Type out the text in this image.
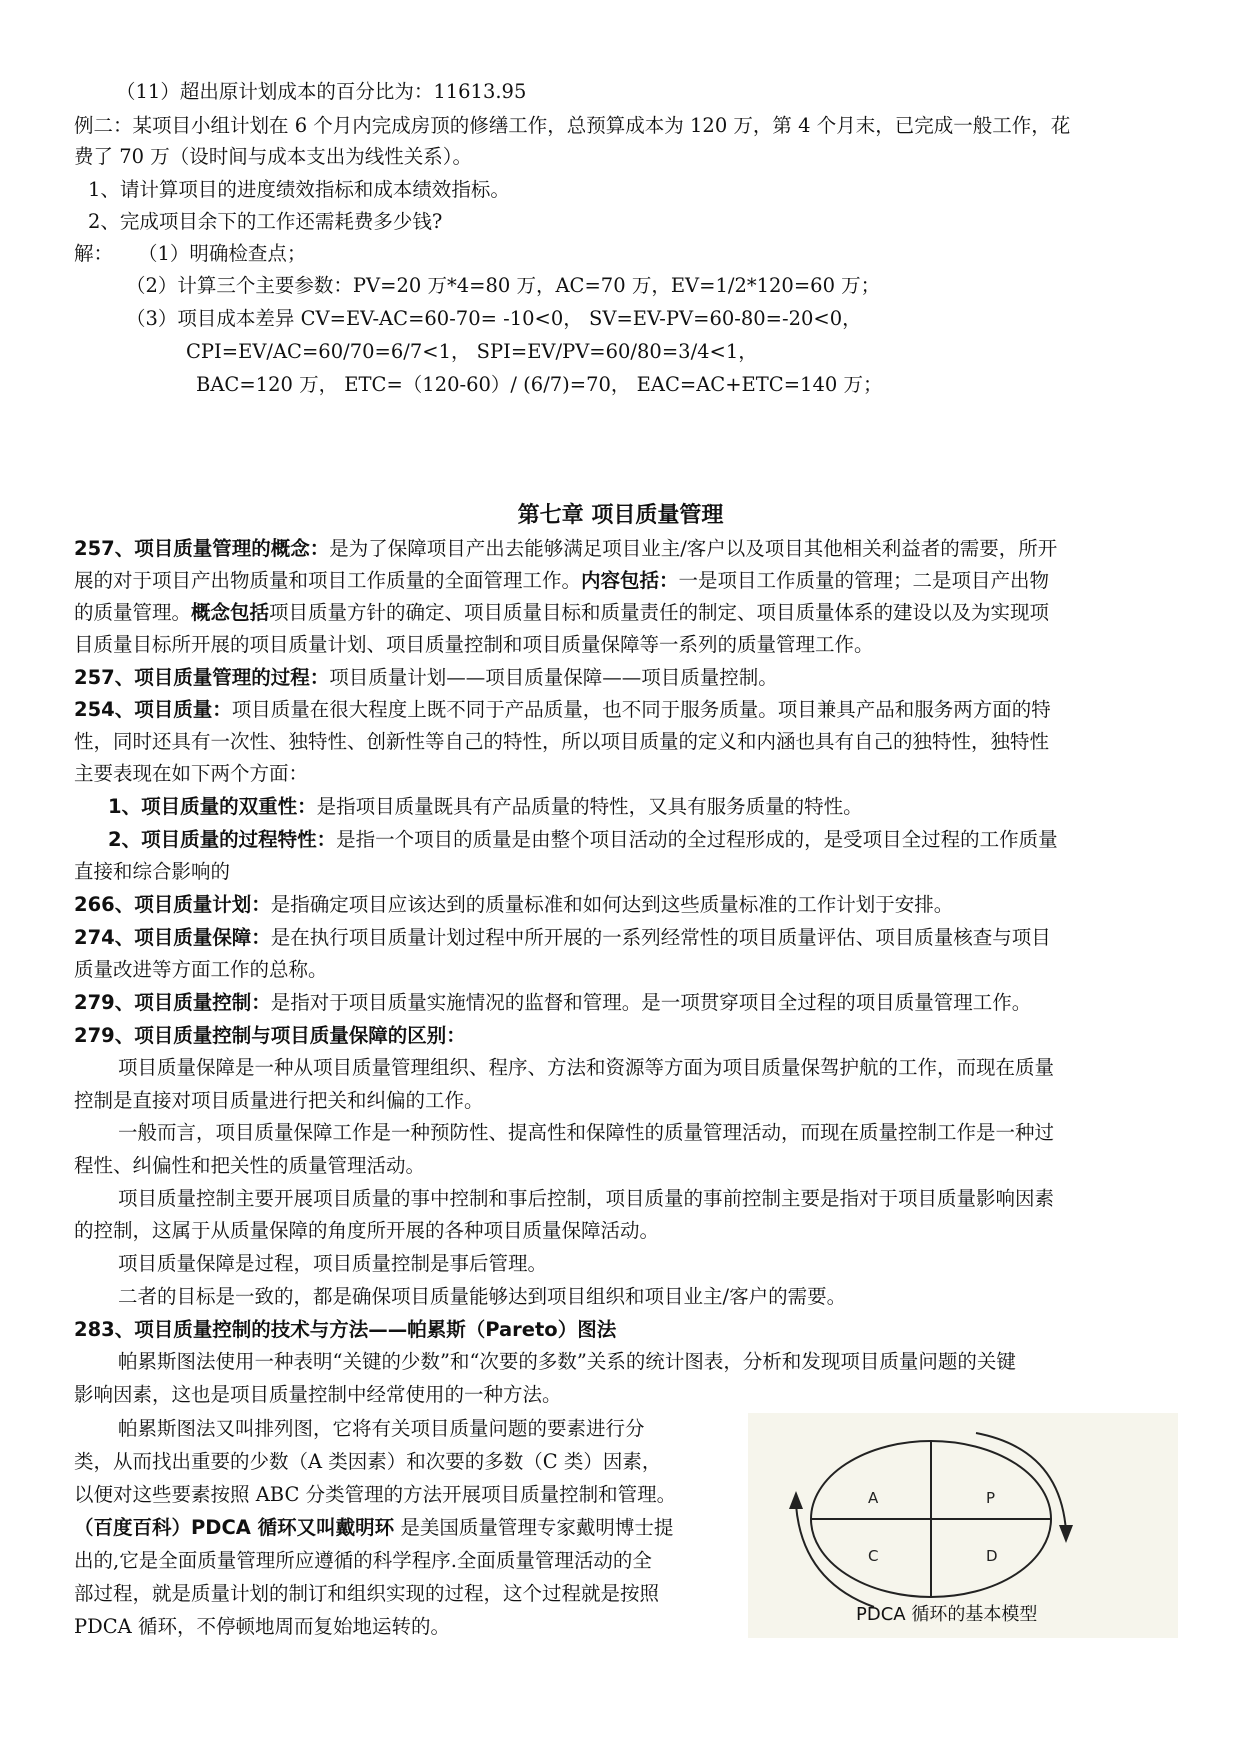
（11）超出原计划成本的百分比为：11613.95
例二：某项目小组计划在 6 个月内完成房顶的修缮工作，总预算成本为 120 万，第 4 个月末，已完成一般工作，花
费了 70 万（设时间与成本支出为线性关系）。
1、请计算项目的进度绩效指标和成本绩效指标。
2、完成项目余下的工作还需耗费多少钱?
解： （1）明确检查点；
（2）计算三个主要参数：PV=20 万*4=80 万，AC=70 万，EV=1/2*120=60 万；
（3）项目成本差异 CV=EV-AC=60-70= -10<0， SV=EV-PV=60-80=-20<0，
CPI=EV/AC=60/70=6/7<1， SPI=EV/PV=60/80=3/4<1，
BAC=120 万， ETC=（120-60）/ (6/7)=70， EAC=AC+ETC=140 万；
第七章 项目质量管理
257、项目质量管理的概念：是为了保障项目产出去能够满足项目业主/客户以及项目其他相关利益者的需要，所开
展的对于项目产出物质量和项目工作质量的全面管理工作。内容包括：一是项目工作质量的管理；二是项目产出物
的质量管理。概念包括项目质量方针的确定、项目质量目标和质量责任的制定、项目质量体系的建设以及为实现项
目质量目标所开展的项目质量计划、项目质量控制和项目质量保障等一系列的质量管理工作。
257、项目质量管理的过程：项目质量计划——项目质量保障——项目质量控制。
254、项目质量：项目质量在很大程度上既不同于产品质量，也不同于服务质量。项目兼具产品和服务两方面的特
性，同时还具有一次性、独特性、创新性等自己的特性，所以项目质量的定义和内涵也具有自己的独特性，独特性
主要表现在如下两个方面：
1、项目质量的双重性：是指项目质量既具有产品质量的特性，又具有服务质量的特性。
2、项目质量的过程特性：是指一个项目的质量是由整个项目活动的全过程形成的，是受项目全过程的工作质量
直接和综合影响的
266、项目质量计划：是指确定项目应该达到的质量标准和如何达到这些质量标准的工作计划于安排。
274、项目质量保障：是在执行项目质量计划过程中所开展的一系列经常性的项目质量评估、项目质量核查与项目
质量改进等方面工作的总称。
279、项目质量控制：是指对于项目质量实施情况的监督和管理。是一项贯穿项目全过程的项目质量管理工作。
279、项目质量控制与项目质量保障的区别：
项目质量保障是一种从项目质量管理组织、程序、方法和资源等方面为项目质量保驾护航的工作，而现在质量
控制是直接对项目质量进行把关和纠偏的工作。
一般而言，项目质量保障工作是一种预防性、提高性和保障性的质量管理活动，而现在质量控制工作是一种过
程性、纠偏性和把关性的质量管理活动。
项目质量控制主要开展项目质量的事中控制和事后控制，项目质量的事前控制主要是指对于项目质量影响因素
的控制，这属于从质量保障的角度所开展的各种项目质量保障活动。
项目质量保障是过程，项目质量控制是事后管理。
二者的目标是一致的，都是确保项目质量能够达到项目组织和项目业主/客户的需要。
283、项目质量控制的技术与方法——帕累斯（Pareto）图法
帕累斯图法使用一种表明“关键的少数”和“次要的多数”关系的统计图表，分析和发现项目质量问题的关键
影响因素，这也是项目质量控制中经常使用的一种方法。
帕累斯图法又叫排列图，它将有关项目质量问题的要素进行分
类，从而找出重要的少数（A 类因素）和次要的多数（C 类）因素，
以便对这些要素按照 ABC 分类管理的方法开展项目质量控制和管理。
（百度百科）PDCA 循环又叫戴明环 是美国质量管理专家戴明博士提
出的,它是全面质量管理所应遵循的科学程序.全面质量管理活动的全
部过程，就是质量计划的制订和组织实现的过程，这个过程就是按照
PDCA 循环，不停顿地周而复始地运转的。
A	P
C	D
PDCA 循环的基本模型
